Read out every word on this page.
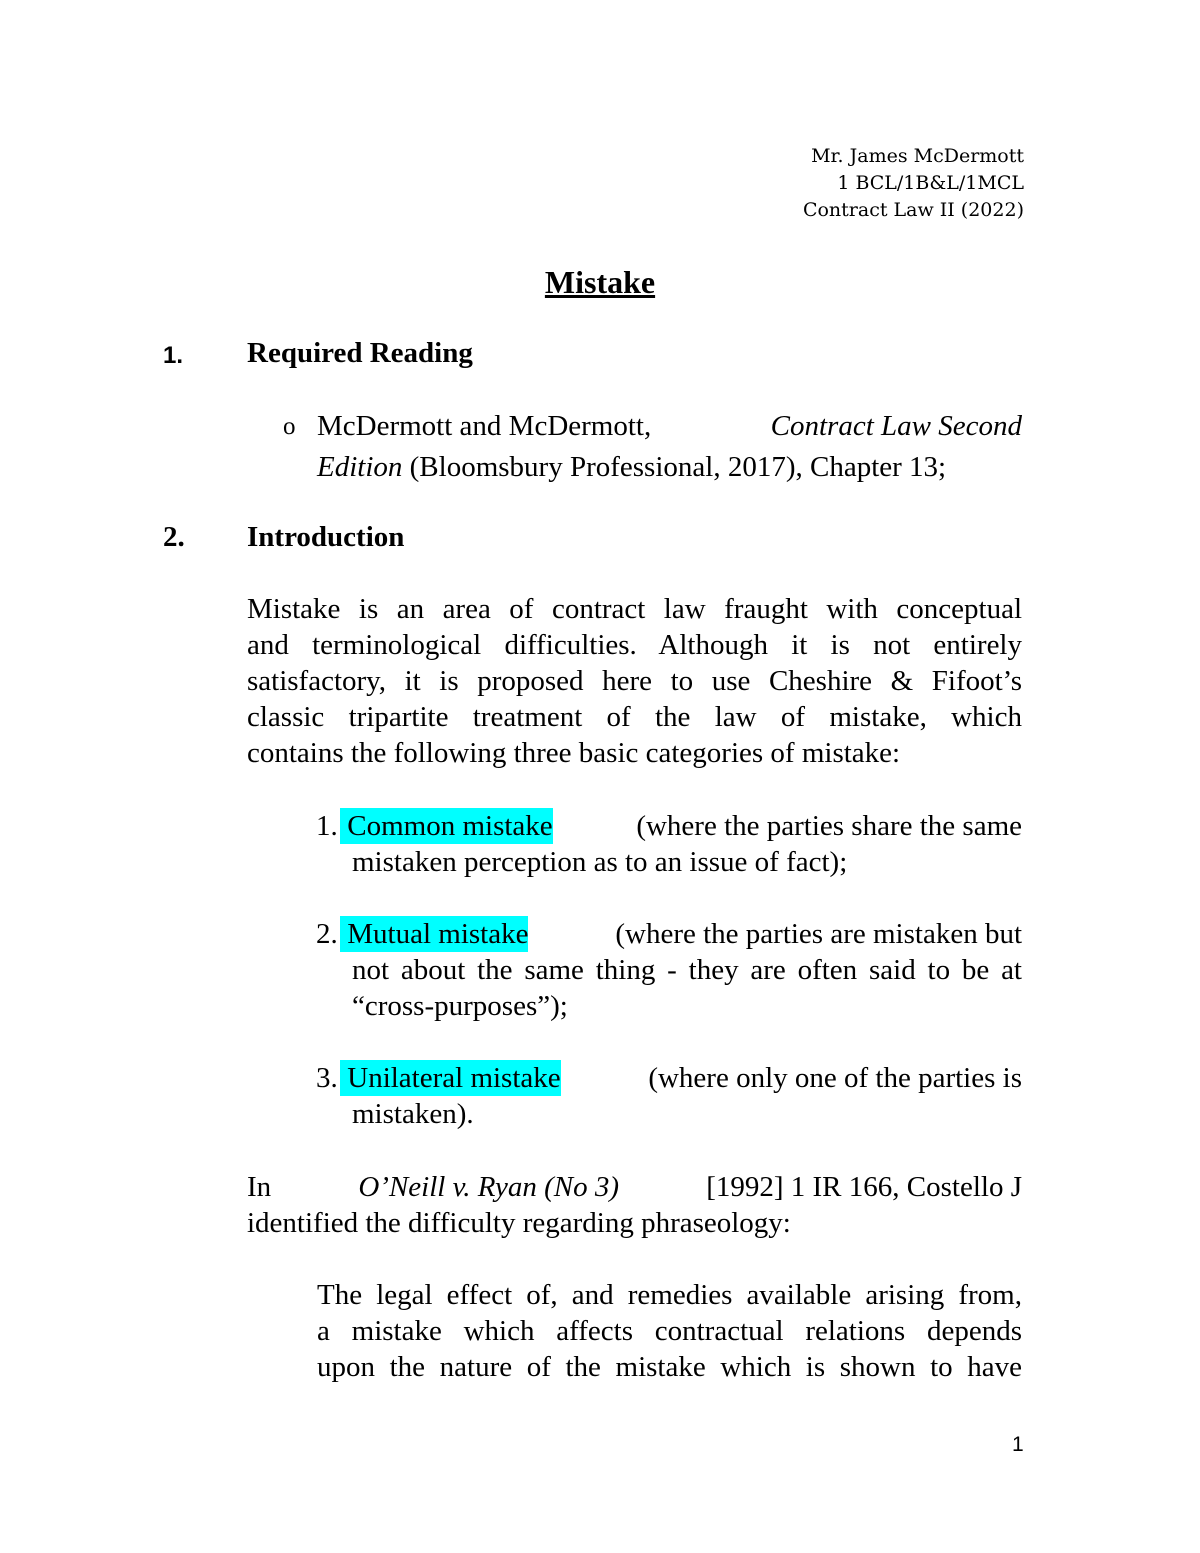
Mr. James McDermott
1 BCL/1B&L/1MCL
Contract Law II (2022)
Mistake
1. Required Reading
o McDermott and McDermott,	Contract Law Second
Edition (Bloomsbury Professional, 2017), Chapter 13;
2. Introduction
Mistake is an area of contract law fraught with conceptual
and terminological difficulties. Although it is not entirely
satisfactory, it is proposed here to use Cheshire & Fifoot’s
classic tripartite treatment of the law of mistake, which
contains the following three basic categories of mistake:
1. Common mistake	(where the parties share the same
mistaken perception as to an issue of fact);
2. Mutual mistake	(where the parties are mistaken but
not about the same thing - they are often said to be at
“cross-purposes”);
3. Unilateral mistake	(where only one of the parties is
mistaken).
In	O’Neill v. Ryan (No 3)	[1992] 1 IR 166, Costello J
identified the difficulty regarding phraseology:
The legal effect of, and remedies available arising from,
a mistake which affects contractual relations depends
upon the nature of the mistake which is shown to have
1
